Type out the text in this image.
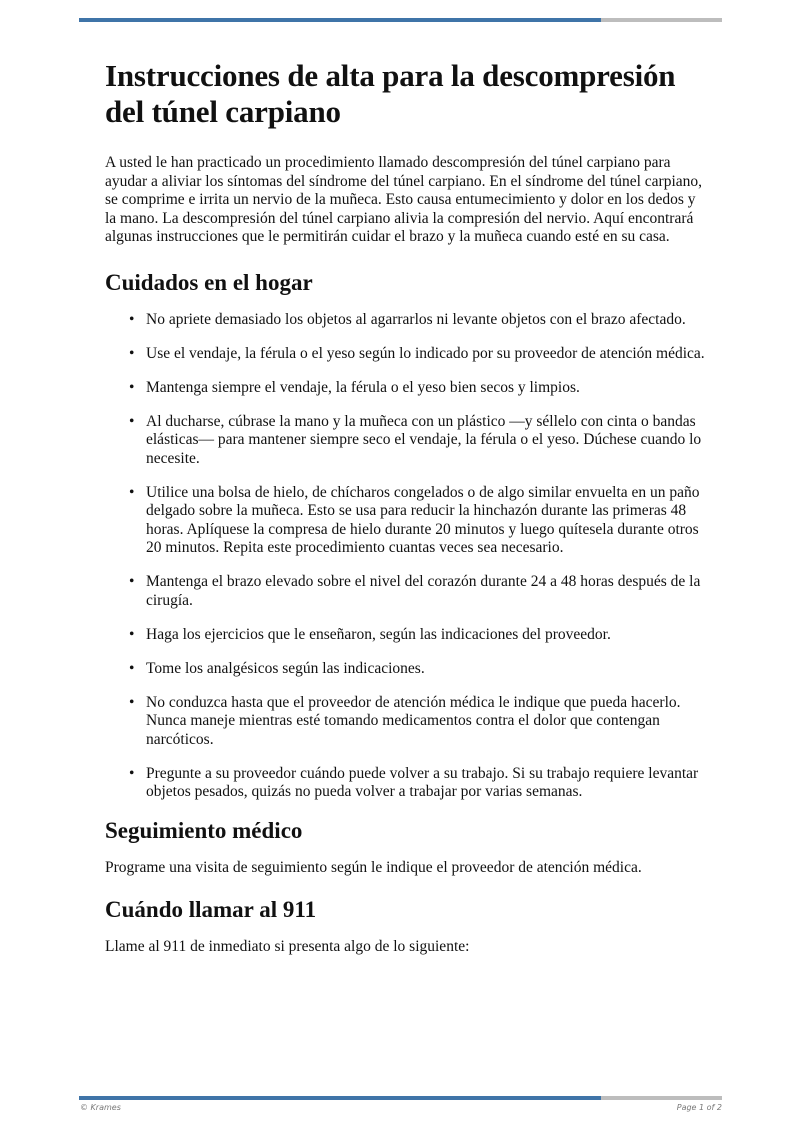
Instrucciones de alta para la descompresión del túnel carpiano

A usted le han practicado un procedimiento llamado descompresión del túnel carpiano para ayudar a aliviar los síntomas del síndrome del túnel carpiano. En el síndrome del túnel carpiano, se comprime e irrita un nervio de la muñeca. Esto causa entumecimiento y dolor en los dedos y la mano. La descompresión del túnel carpiano alivia la compresión del nervio. Aquí encontrará algunas instrucciones que le permitirán cuidar el brazo y la muñeca cuando esté en su casa.

Cuidados en el hogar
• No apriete demasiado los objetos al agarrarlos ni levante objetos con el brazo afectado.
• Use el vendaje, la férula o el yeso según lo indicado por su proveedor de atención médica.
• Mantenga siempre el vendaje, la férula o el yeso bien secos y limpios.
• Al ducharse, cúbrase la mano y la muñeca con un plástico —y séllelo con cinta o bandas elásticas— para mantener siempre seco el vendaje, la férula o el yeso. Dúchese cuando lo necesite.
• Utilice una bolsa de hielo, de chícharos congelados o de algo similar envuelta en un paño delgado sobre la muñeca. Esto se usa para reducir la hinchazón durante las primeras 48 horas. Aplíquese la compresa de hielo durante 20 minutos y luego quítesela durante otros 20 minutos. Repita este procedimiento cuantas veces sea necesario.
• Mantenga el brazo elevado sobre el nivel del corazón durante 24 a 48 horas después de la cirugía.
• Haga los ejercicios que le enseñaron, según las indicaciones del proveedor.
• Tome los analgésicos según las indicaciones.
• No conduzca hasta que el proveedor de atención médica le indique que pueda hacerlo. Nunca maneje mientras esté tomando medicamentos contra el dolor que contengan narcóticos.
• Pregunte a su proveedor cuándo puede volver a su trabajo. Si su trabajo requiere levantar objetos pesados, quizás no pueda volver a trabajar por varias semanas.
Seguimiento médico

Programe una visita de seguimiento según le indique el proveedor de atención médica.

Cuándo llamar al 911

Llame al 911 de inmediato si presenta algo de lo siguiente:

© Krames	Page 1 of 2
